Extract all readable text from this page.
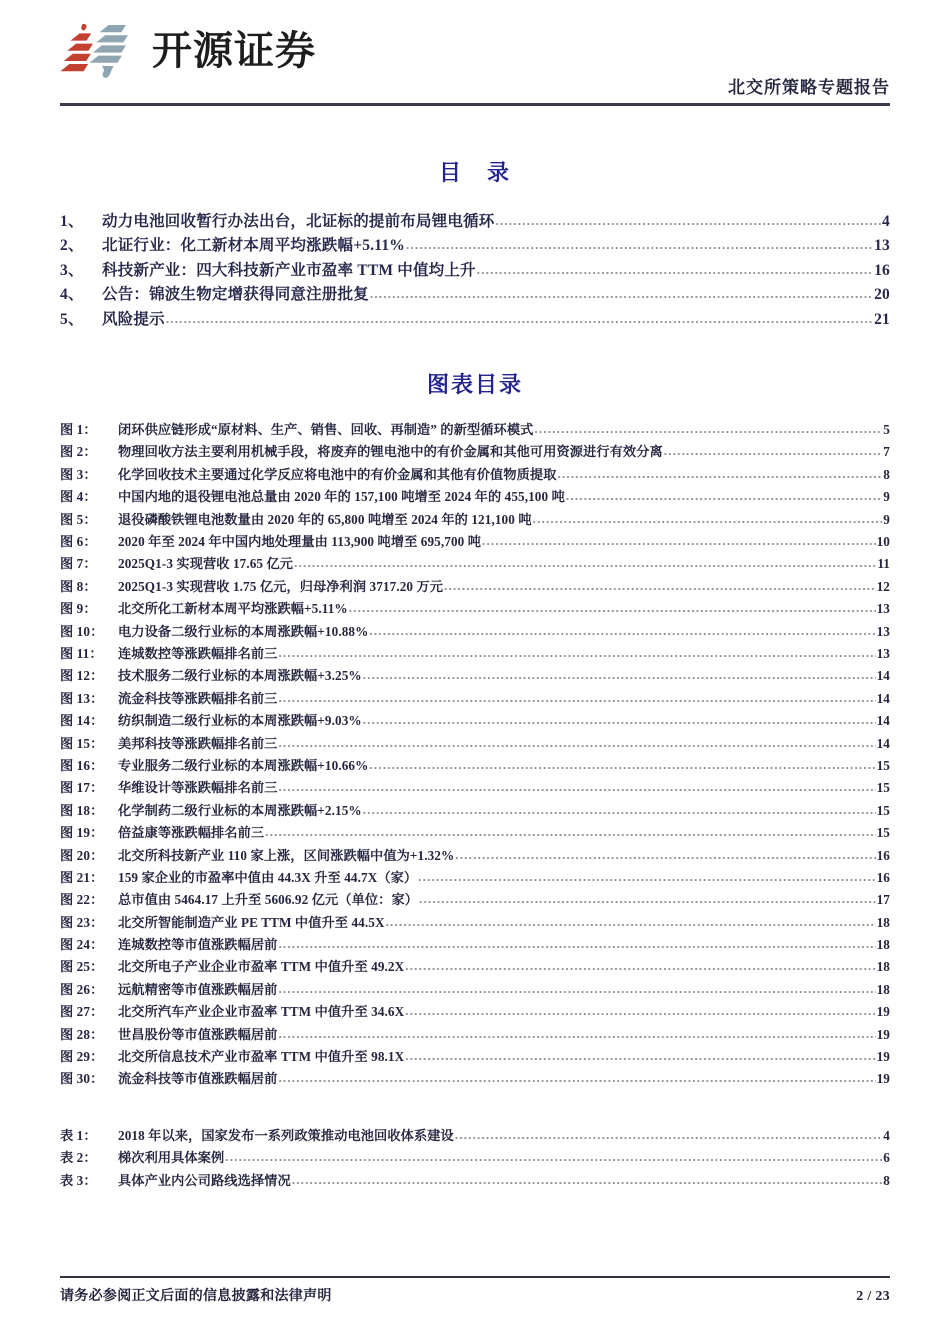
开源证券
北交所策略专题报告
目　录
1、	动力电池回收暂行办法出台，北证标的提前布局锂电循环 .....	4
2、	北证行业：化工新材本周平均涨跌幅+5.11% .....	13
3、	科技新产业：四大科技新产业市盈率 TTM 中值均上升 .....	16
4、	公告：锦波生物定增获得同意注册批复 .....	20
5、	风险提示 .....	21
图表目录
图 1：	闭环供应链形成“原材料、生产、销售、回收、再制造” 的新型循环模式 .....	5
图 2：	物理回收方法主要利用机械手段，将废弃的锂电池中的有价金属和其他可用资源进行有效分离 .....	7
图 3：	化学回收技术主要通过化学反应将电池中的有价金属和其他有价值物质提取 .....	8
图 4：	中国内地的退役锂电池总量由 2020 年的 157,100 吨增至 2024 年的 455,100 吨 .....	9
图 5：	退役磷酸铁锂电池数量由 2020 年的 65,800 吨增至 2024 年的 121,100 吨 .....	9
图 6：	2020 年至 2024 年中国内地处理量由 113,900 吨增至 695,700 吨 .....	10
图 7：	2025Q1-3 实现营收 17.65 亿元 .....	11
图 8：	2025Q1-3 实现营收 1.75 亿元，归母净利润 3717.20 万元 .....	12
图 9：	北交所化工新材本周平均涨跌幅+5.11% .....	13
图 10：	电力设备二级行业标的本周涨跌幅+10.88% .....	13
图 11：	连城数控等涨跌幅排名前三 .....	13
图 12：	技术服务二级行业标的本周涨跌幅+3.25% .....	14
图 13：	流金科技等涨跌幅排名前三 .....	14
图 14：	纺织制造二级行业标的本周涨跌幅+9.03% .....	14
图 15：	美邦科技等涨跌幅排名前三 .....	14
图 16：	专业服务二级行业标的本周涨跌幅+10.66% .....	15
图 17：	华维设计等涨跌幅排名前三 .....	15
图 18：	化学制药二级行业标的本周涨跌幅+2.15% .....	15
图 19：	倍益康等涨跌幅排名前三 .....	15
图 20：	北交所科技新产业 110 家上涨，区间涨跌幅中值为+1.32% .....	16
图 21：	159 家企业的市盈率中值由 44.3X 升至 44.7X（家） .....	16
图 22：	总市值由 5464.17 上升至 5606.92 亿元（单位：家） .....	17
图 23：	北交所智能制造产业 PE TTM 中值升至 44.5X .....	18
图 24：	连城数控等市值涨跌幅居前 .....	18
图 25：	北交所电子产业企业市盈率 TTM 中值升至 49.2X .....	18
图 26：	远航精密等市值涨跌幅居前 .....	18
图 27：	北交所汽车产业企业市盈率 TTM 中值升至 34.6X .....	19
图 28：	世昌股份等市值涨跌幅居前 .....	19
图 29：	北交所信息技术产业市盈率 TTM 中值升至 98.1X .....	19
图 30：	流金科技等市值涨跌幅居前 .....	19
表 1：	2018 年以来，国家发布一系列政策推动电池回收体系建设 .....	4
表 2：	梯次利用具体案例 .....	6
表 3：	具体产业内公司路线选择情况 .....	8
请务必参阅正文后面的信息披露和法律声明	2 / 23
